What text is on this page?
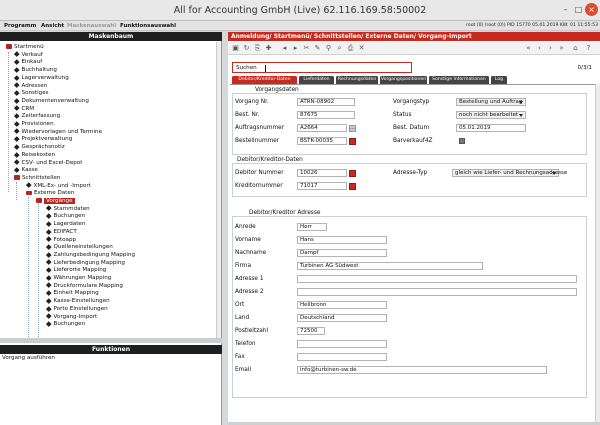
All for Accounting GmbH (Live) 62.116.169.58:50002	– □ ×
Programm Ansicht Maskenauswahl Funktionsauswahl	root (0) (root (0)) PID 15770 05.01.2019 KW: 01 11:55:53
Maskenbaum
Startmenü
Verkauf
Einkauf
Buchhaltung
Lagerverwaltung
Adressen
Sonstiges
Dokumentenverwaltung
CRM
Zeiterfassung
Provisionen
Wiedervorlagen und Termine
Projektverwaltung
Gesprächsnotiz
Reisekosten
CSV- und Excel-Depot
Kasse
Schnittstellen
XML-Ex- und -Import
Externe Daten
Vorgänge
Stammdaten
Buchungen
Lagerdaten
EDIFACT
Fotoapp
Quelleneinstellungen
Zahlungsbedingung Mapping
Lieferbedingung Mapping
Lieferorte Mapping
Währungen Mapping
Druckformulare Mapping
Einheit Mapping
Kasse-Einstellungen
Porto Einstellungen
Vorgang-Import
Buchungen
Funktionen
Vorgang ausführen
Anmeldung/ Startmenü/ Schnittstellen/ Externe Daten/ Vorgang-Import
▣ ↻ ⎘ ✚	◂	▸ ✂ ✎ ⚲ ⌕ ⎙ ✕	«	‹	›	»	⌂	?
Suchen	0/3/1
Debitor/Kreditor-Daten	Lieferdaten	Rechnungsdaten Vorgangspositionen	Sonstige Informationen	Log
Vorgangsdaten
Vorgang Nr.	ATRN-08902
Best. Nr.	87675
Auftragsnummer	A2664	…
Bestellnummer	BSTK-00035
Vorgangstyp	Bestellung und Auftrag
Status	noch nicht bearbeitet
Best. Datum	05.01.2019
Barverkauf4Z
Debitor/Kreditor-Daten
Debitor Nummer	10026
Kreditornummer	71017
Adresse-Typ	gleich wie Liefer- und Rechnungsadresse
Debitor/Kreditor Adresse
Anrede	Herr
Vorname	Hans
Nachname	Dampf
Firma	Turbinen AG Südwest
Adresse 1
Adresse 2
Ort	Heilbronn
Land	Deutschland
Postleitzahl	72500
Telefon
Fax
Email	info@turbinen-sw.de
